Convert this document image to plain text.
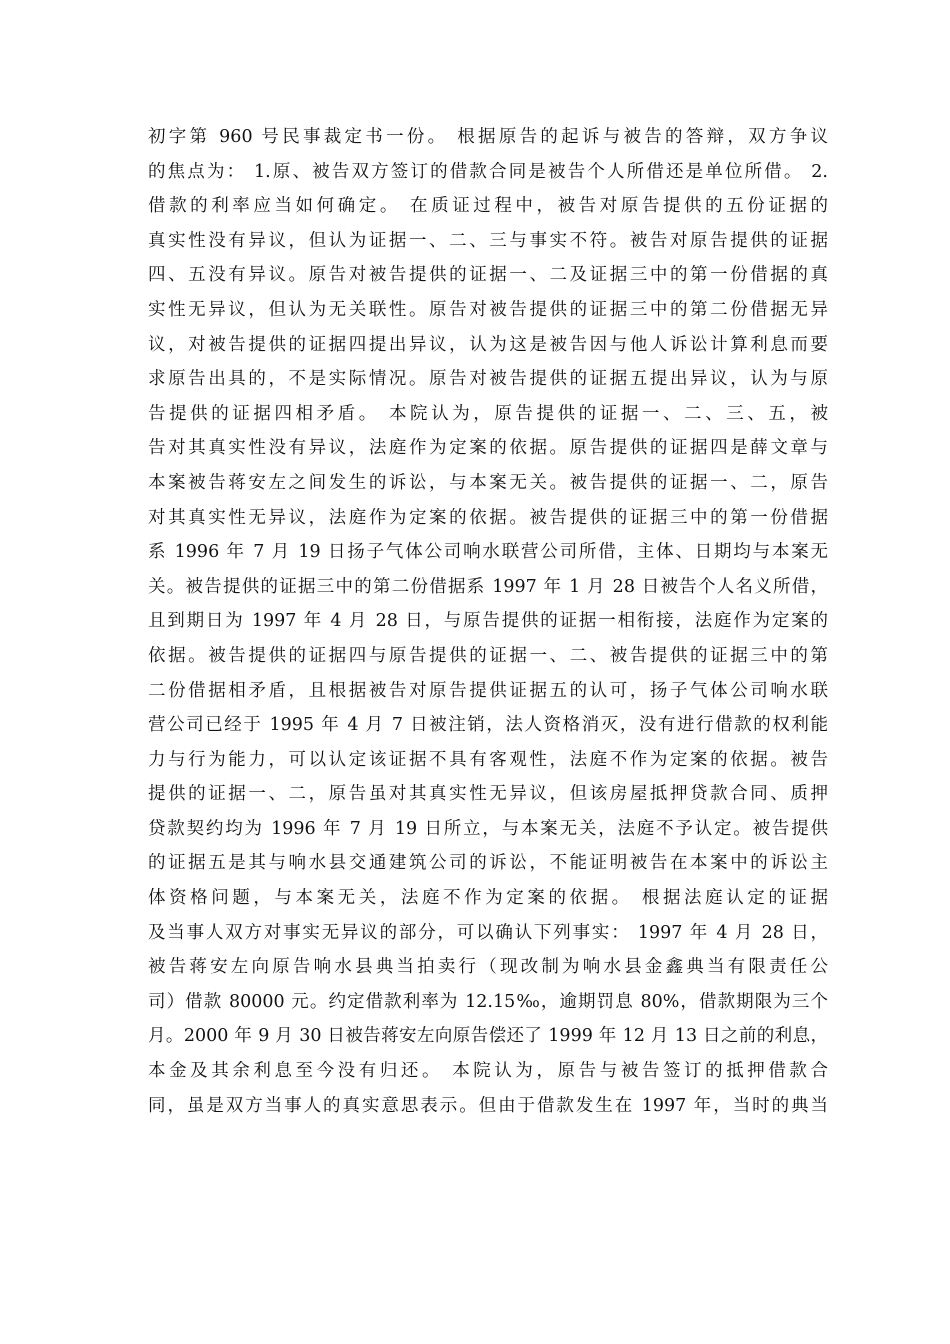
初字第 960 号民事裁定书一份。 根据原告的起诉与被告的答辩，双方争议
的焦点为： 1.原、被告双方签订的借款合同是被告个人所借还是单位所借。 2.
借款的利率应当如何确定。 在质证过程中，被告对原告提供的五份证据的
真实性没有异议，但认为证据一、二、三与事实不符。被告对原告提供的证据
四、五没有异议。原告对被告提供的证据一、二及证据三中的第一份借据的真
实性无异议，但认为无关联性。原告对被告提供的证据三中的第二份借据无异
议，对被告提供的证据四提出异议，认为这是被告因与他人诉讼计算利息而要
求原告出具的，不是实际情况。原告对被告提供的证据五提出异议，认为与原
告提供的证据四相矛盾。 本院认为，原告提供的证据一、二、三、五，被
告对其真实性没有异议，法庭作为定案的依据。原告提供的证据四是薛文章与
本案被告蒋安左之间发生的诉讼，与本案无关。被告提供的证据一、二，原告
对其真实性无异议，法庭作为定案的依据。被告提供的证据三中的第一份借据
系 1996 年 7 月 19 日扬子气体公司响水联营公司所借，主体、日期均与本案无
关。被告提供的证据三中的第二份借据系 1997 年 1 月 28 日被告个人名义所借，
且到期日为 1997 年 4 月 28 日，与原告提供的证据一相衔接，法庭作为定案的
依据。被告提供的证据四与原告提供的证据一、二、被告提供的证据三中的第
二份借据相矛盾，且根据被告对原告提供证据五的认可，扬子气体公司响水联
营公司已经于 1995 年 4 月 7 日被注销，法人资格消灭，没有进行借款的权利能
力与行为能力，可以认定该证据不具有客观性，法庭不作为定案的依据。被告
提供的证据一、二，原告虽对其真实性无异议，但该房屋抵押贷款合同、质押
贷款契约均为 1996 年 7 月 19 日所立，与本案无关，法庭不予认定。被告提供
的证据五是其与响水县交通建筑公司的诉讼，不能证明被告在本案中的诉讼主
体资格问题，与本案无关，法庭不作为定案的依据。 根据法庭认定的证据
及当事人双方对事实无异议的部分，可以确认下列事实： 1997 年 4 月 28 日，
被告蒋安左向原告响水县典当拍卖行（现改制为响水县金鑫典当有限责任公
司）借款 80000 元。约定借款利率为 12.15‰，逾期罚息 80%，借款期限为三个
月。2000 年 9 月 30 日被告蒋安左向原告偿还了 1999 年 12 月 13 日之前的利息，
本金及其余利息至今没有归还。 本院认为，原告与被告签订的抵押借款合
同，虽是双方当事人的真实意思表示。但由于借款发生在 1997 年，当时的典当
